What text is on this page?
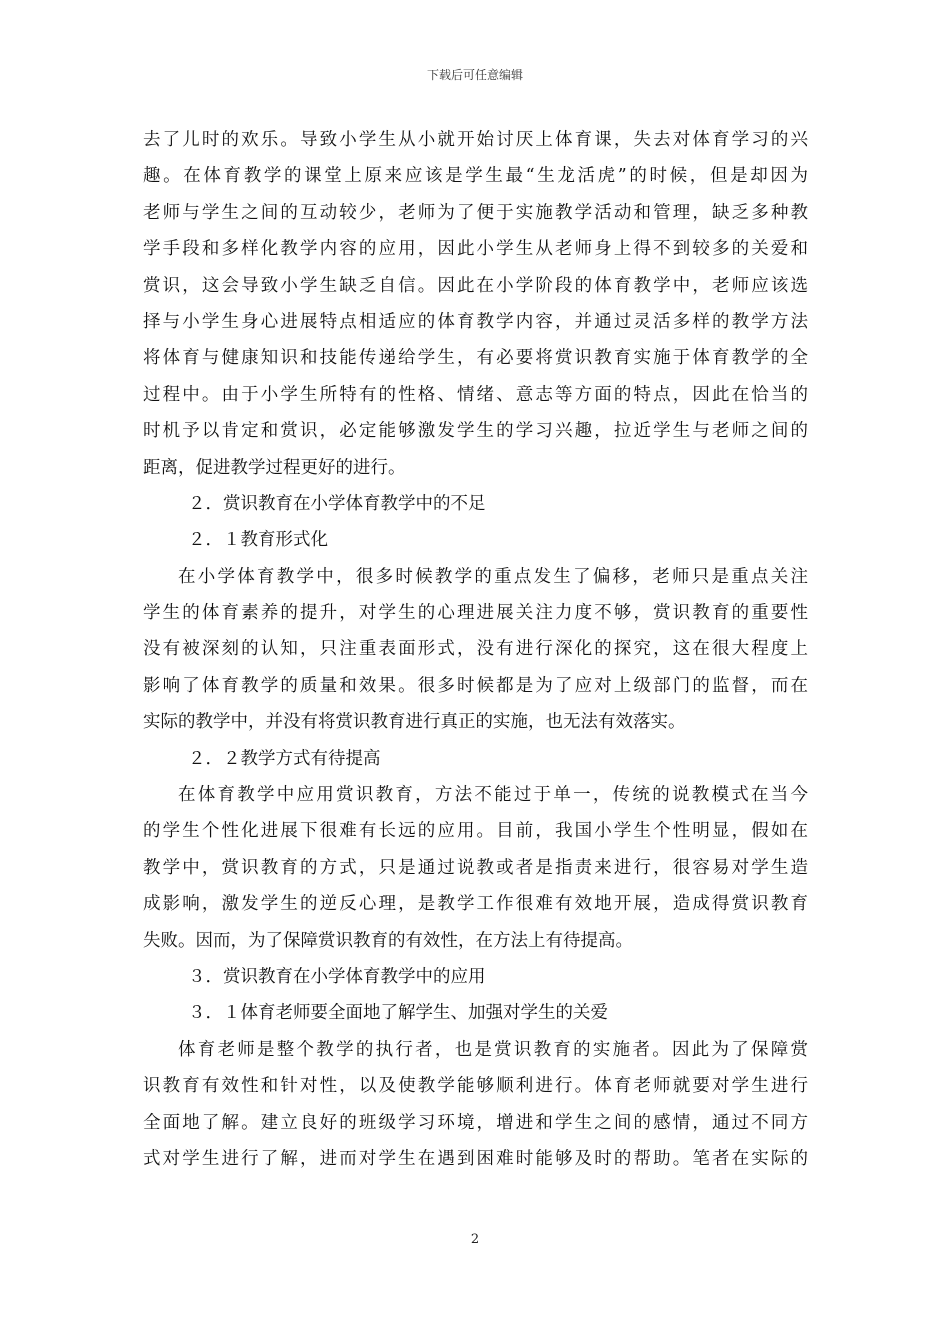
下载后可任意编辑
去了儿时的欢乐。导致小学生从小就开始讨厌上体育课，失去对体育学习的兴
趣。在体育教学的课堂上原来应该是学生最“生龙活虎”的时候，但是却因为
老师与学生之间的互动较少，老师为了便于实施教学活动和管理，缺乏多种教
学手段和多样化教学内容的应用，因此小学生从老师身上得不到较多的关爱和
赏识，这会导致小学生缺乏自信。因此在小学阶段的体育教学中，老师应该选
择与小学生身心进展特点相适应的体育教学内容，并通过灵活多样的教学方法
将体育与健康知识和技能传递给学生，有必要将赏识教育实施于体育教学的全
过程中。由于小学生所特有的性格、情绪、意志等方面的特点，因此在恰当的
时机予以肯定和赏识，必定能够激发学生的学习兴趣，拉近学生与老师之间的
距离，促进教学过程更好的进行。
２．赏识教育在小学体育教学中的不足
２．１教育形式化
在小学体育教学中，很多时候教学的重点发生了偏移，老师只是重点关注
学生的体育素养的提升，对学生的心理进展关注力度不够，赏识教育的重要性
没有被深刻的认知，只注重表面形式，没有进行深化的探究，这在很大程度上
影响了体育教学的质量和效果。很多时候都是为了应对上级部门的监督，而在
实际的教学中，并没有将赏识教育进行真正的实施，也无法有效落实。
２．２教学方式有待提高
在体育教学中应用赏识教育，方法不能过于单一，传统的说教模式在当今
的学生个性化进展下很难有长远的应用。目前，我国小学生个性明显，假如在
教学中，赏识教育的方式，只是通过说教或者是指责来进行，很容易对学生造
成影响，激发学生的逆反心理，是教学工作很难有效地开展，造成得赏识教育
失败。因而，为了保障赏识教育的有效性，在方法上有待提高。
３．赏识教育在小学体育教学中的应用
３．１体育老师要全面地了解学生、加强对学生的关爱
体育老师是整个教学的执行者，也是赏识教育的实施者。因此为了保障赏
识教育有效性和针对性，以及使教学能够顺利进行。体育老师就要对学生进行
全面地了解。建立良好的班级学习环境，增进和学生之间的感情，通过不同方
式对学生进行了解，进而对学生在遇到困难时能够及时的帮助。笔者在实际的
2
